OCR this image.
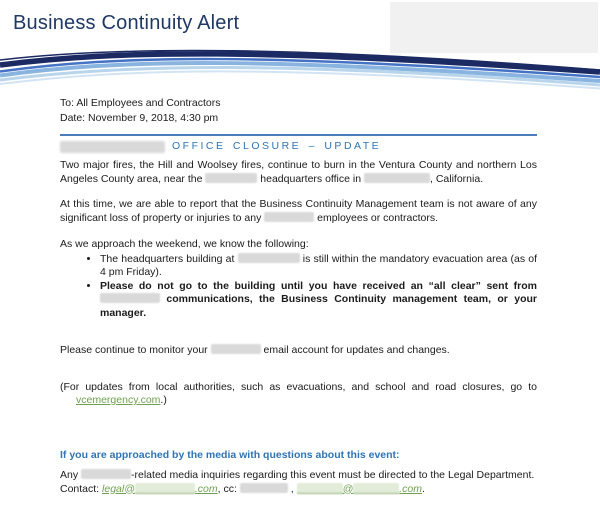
Business Continuity Alert

To: All Employees and Contractors

Date: November 9, 2018, 4:30 pm

OFFICE CLOSURE – UPDATE

Two major fires, the Hill and Woolsey fires, continue to burn in the Ventura County and northern Los Angeles County area, near the	headquarters office in	, California.

At this time, we are able to report that the Business Continuity Management team is not aware of any significant loss of property or injuries to any	employees or contractors.

As we approach the weekend, we know the following:

• The headquarters building at	is still within the mandatory evacuation area (as of 4 pm Friday).
• Please do not go to the building until you have received an “all clear” sent from  communications, the Business Continuity management team, or your manager.

Please continue to monitor your	email account for updates and changes.

(For updates from local authorities, such as evacuations, and school and road closures, go to vcemergency.com.)

If you are approached by the media with questions about this event:

Any	-related media inquiries regarding this event must be directed to the Legal Department.

Contact: legal@	.com, cc:	,	@	.com.
